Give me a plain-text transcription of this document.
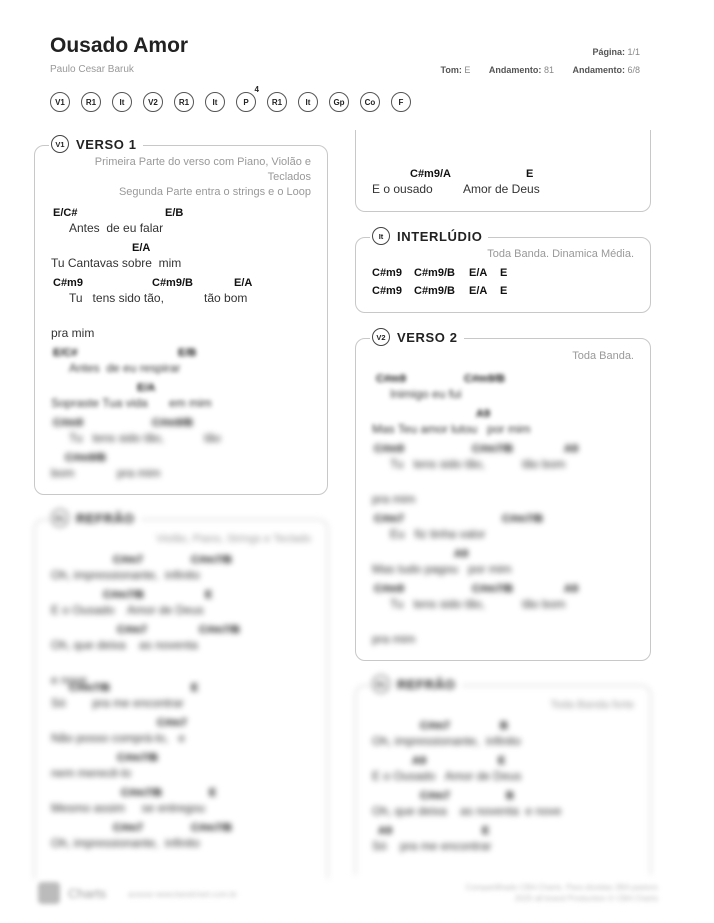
Ousado Amor
Paulo Cesar Baruk
Página: 1/1
Tom: E Andamento: 81 Andamento: 6/8
V1	R1	It	V2	R1	It	P
4
R1	It	Gp	Co	F
V1 VERSO 1
Primeira Parte do verso com Piano, Violão e
Teclados
Segunda Parte entra o strings e o Loop
E/C#	E/B
Antes  de eu falar
E/A
Tu Cantavas sobre  mim
C#m9	C#m9/B	E/A
Tu   tens sido tão,	tão bom
pra mim
E/C#	E/B
Antes  de eu respirar
E/A
Sopraste Tua vida em mim
C#m9	C#m9/B
Tu   tens sido tão,	tão
C#m9/B
bom	pra mim
R1 REFRÃO
Violão, Piano, Strings e Teclado
C#m7	C#m7/B
Oh, impressionante,  infinito
C#m7/B	E
E o Ousado    Amor de Deus
C#m7	C#m7/B
Oh, que deixa    as noventa
e nove
C#m7/B	E
Só        pra me encontrar
C#m7
Não posso comprá-lo,   e
C#m7/B
nem merecê-lo
C#m7/B	E
Mesmo assim     se entregou
C#m7	C#m7/B
Oh, impressionante,  infinito
C#m9/A	E
E o ousado	Amor de Deus
It	INTERLÚDIO
Toda Banda. Dinamica Média.
C#m9 C#m9/B E/A E
C#m9 C#m9/B E/A E
V2 VERSO 2
Toda Banda.
C#m9	C#m9/B
Inimigo eu fui
A9
Mas Teu amor lutou   por mim
C#m9	C#m7/B	A9
Tu   tens sido tão,	tão bom
pra mim
C#m7	C#m7/B
Eu   fiz tinha valor
A9
Mas tudo pagou   por mim
C#m9	C#m7/B	A9
Tu   tens sido tão,	tão bom
pra mim
R1 REFRÃO
Toda Banda forte
C#m7	B
Oh, impressionante,  infinito
A9	E
E o Ousado   Amor de Deus
C#m7	B
Oh, que deixa    as noventa  e nove
A9	E
Só    pra me encontrar
Charts	acesse www.bandchart.com.br
Compartilhado CBA Charts. Para dúvidas 2BA pastors
2020 all brand Production © CBA Charts
